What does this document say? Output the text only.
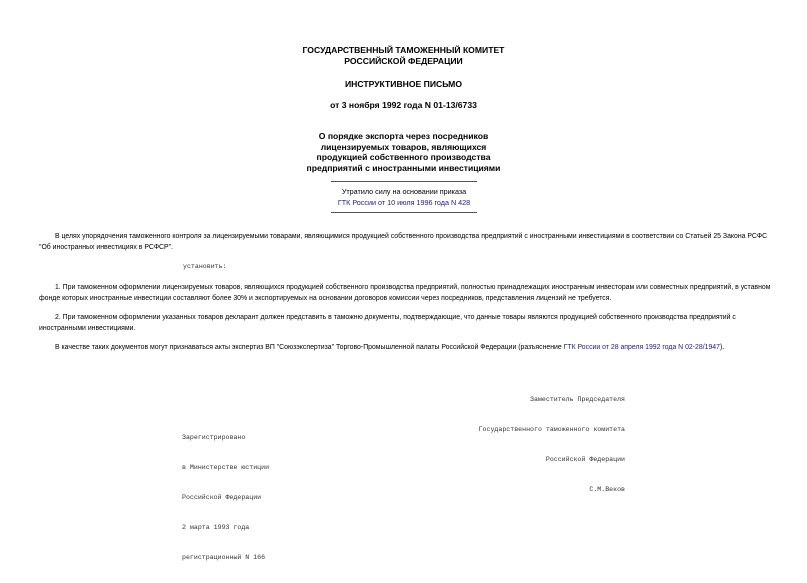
ГОСУДАРСТВЕННЫЙ ТАМОЖЕННЫЙ КОМИТЕТ
РОССИЙСКОЙ ФЕДЕРАЦИИ
ИНСТРУКТИВНОЕ ПИСЬМО
от 3 ноября 1992 года N 01-13/6733
О порядке экспорта через посредников
лицензируемых товаров, являющихся
продукцией собственного производства
предприятий с иностранными инвестициями
Утратило силу на основании приказа
ГТК России от 10 июля 1996 года N 428
В целях упорядочения таможенного контроля за лицензируемыми товарами, являющимися продукцией собственного производства предприятий с иностранными инвестициями в соответствии со Статьей 25 Закона РСФС "Об иностранных инвестициях в РСФСР".
установить:
1. При таможенном оформлении лицензируемых товаров, являющихся продукцией собственного производства предприятий, полностью принадлежащих иностранным инвесторам или совместных предприятий, в уставном фонде которых иностранные инвестиции составляют более 30% и экспортируемых на основании договоров комиссии через посредников, представления лицензий не требуется.
2. При таможенном оформлении указанных товаров декларант должен представить в таможню документы, подтверждающие, что данные товары являются продукцией собственного производства предприятий с иностранными инвестициями.
В качестве таких документов могут признаваться акты экспертиз ВП "Союзэкспертиза" Торгово-Промышленной палаты Российской Федерации (разъяснение ГТК России от 28 апреля 1992 года N 02-28/1947).

Заместитель Председателя

Государственного таможенного комитета

Российской Федерации

С.М.Веков

Зарегистрировано

в Министерстве юстиции

Российской Федерации

2 марта 1993 года

регистрационный N 166
